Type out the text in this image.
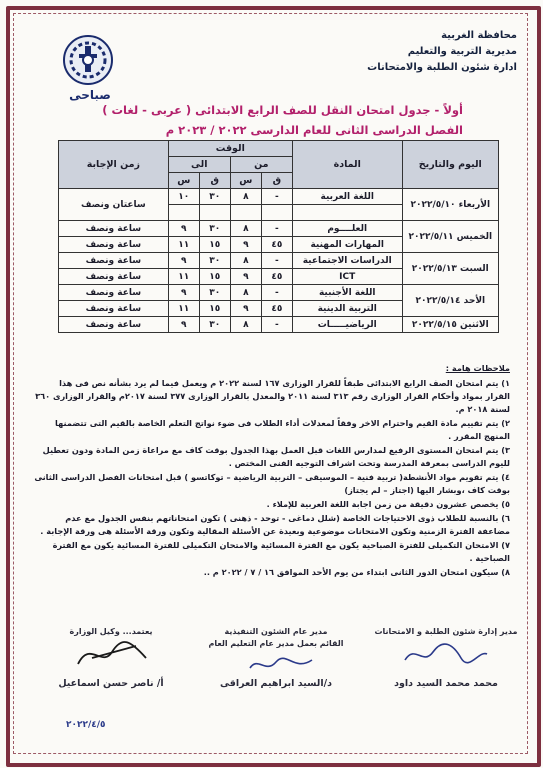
محافظة الغربية
مديرية التربية والتعليم
ادارة شئون الطلبة والامتحانات
صباحى
أولاً - جدول امتحان النقل للصف الرابع الابتدائى ( عربى - لغات )
الفصل الدراسى الثانى للعام الدارسى ٢٠٢٢ / ٢٠٢٣ م
اليوم والتاريخ	المادة	الوقت				زمن الإجابة
		من		الى		
		ق	س	ق	س	
الأربعاء ٢٠٢٢/٥/١٠	اللغة العربية	-	٨	٣٠	١٠	ساعتان ونصف

الخميس ٢٠٢٢/٥/١١	العلــــوم	-	٨	٣٠	٩	ساعة ونصف
	المهارات المهنية	٤٥	٩	١٥	١١	ساعة ونصف
السبت ٢٠٢٢/٥/١٣	الدراسات الاجتماعية	-	٨	٣٠	٩	ساعة ونصف
	ICT	٤٥	٩	١٥	١١	ساعة ونصف
الأحد ٢٠٢٢/٥/١٤	اللغة الأجنبية	-	٨	٣٠	٩	ساعة ونصف
	التربية الدينية	٤٥	٩	١٥	١١	ساعة ونصف
الاثنين ٢٠٢٢/٥/١٥	الرياضيـــــات	-	٨	٣٠	٩	ساعة ونصف
ملاحظات هامة :

١) يتم امتحان الصف الرابع الابتدائى طبقاً للقرار الوزارى ١٦٧ لسنة ٢٠٢٢ م ويعمل فيما لم يرد بشأنه نص فى هذا القرار بمواد وأحكام القرار الوزارى رقم ٣١٣ لسنة ٢٠١١ والمعدل بالقرار الوزارى ٣٧٧ لسنة ٢٠١٧م والقرار الوزارى ٣٦٠ لسنة ٢٠١٨ م.

٢) يتم تقييم مادة القيم واحترام الاخر وفقاً لمعدلات أداء الطلاب فى ضوء نواتج التعلم الخاصة بالقيم التى تتضمنها المنهج المقرر .

٣) يتم امتحان المستوى الرفيع لمدارس اللغات قبل العمل بهذا الجدول بوقت كاف مع مراعاة زمن المادة ودون تعطيل لليوم الدراسى بمعرفة المدرسة وتحت اشراف التوجيه الفنى المختص .

٤) يتم تقويم مواد الأنشطة( تربية فنية – الموسيقى – التربية الرياضية – توكاتسو ) قبل امتحانات الفصل الدراسى الثانى بوقت كاف ،وبشار اليها (اجتاز – لم يجتاز)

٥) يخصص عشرون دقيقة من زمن اجابة اللغة العربية للإملاء .

٦) بالنسبة للطلاب ذوى الاحتياجات الخاصة (شلل دماغى - توحد - ذهنى ) تكون امتحاناتهم بنفس الجدول مع عدم مضاعفة الفترة الزمنية وتكون الامتحانات موضوعية وبعيدة عن الأسئلة المقالية وتكون ورقة الأسئلة هى ورقة الإجابة .

٧) الامتحان التكميلى للفترة الصباحية يكون مع الفترة المسائية والامتحان التكميلى للفترة المسائية يكون مع الفترة الصباحية .

٨) سيكون امتحان الدور الثانى ابتداء من يوم الأحد الموافق ١٦ / ٧ / ٢٠٢٢ م ..

مدير إدارة شئون الطلبة و الامتحانات
محمد محمد السيد داود
مدير عام الشئون التنفيذية
القائم بعمل مدير عام التعليم العام
د/السيد ابراهيم العراقى
يعتمد... وكيل الوزارة
أ/ ناصر حسن اسماعيل
٢٠٢٢/٤/٥
